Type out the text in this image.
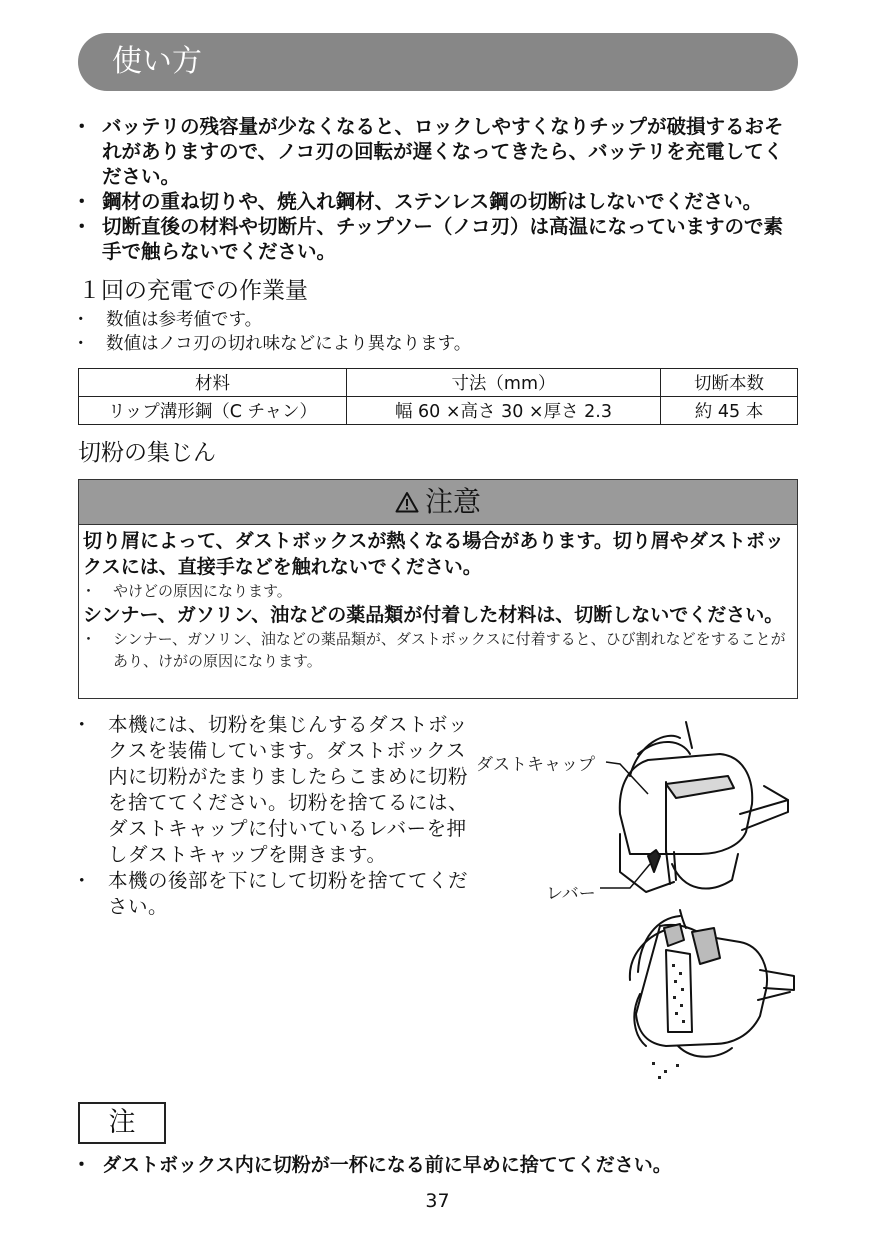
使い方
・ バッテリの残容量が少なくなると、ロックしやすくなりチップが破損するおそれがありますので、ノコ刃の回転が遅くなってきたら、バッテリを充電してください。
・ 鋼材の重ね切りや、焼入れ鋼材、ステンレス鋼の切断はしないでください。
・ 切断直後の材料や切断片、チップソー（ノコ刃）は高温になっていますので素手で触らないでください。
１回の充電での作業量
・ 数値は参考値です。
・ 数値はノコ刃の切れ味などにより異なります。
材料	寸法（mm）	切断本数
リップ溝形鋼（C チャン）	幅 60 ×高さ 30 ×厚さ 2.3	約 45 本
切粉の集じん
注意
切り屑によって、ダストボックスが熱くなる場合があります。切り屑やダストボックスには、直接手などを触れないでください。
・ やけどの原因になります。
シンナー、ガソリン、油などの薬品類が付着した材料は、切断しないでください。
・ シンナー、ガソリン、油などの薬品類が、ダストボックスに付着すると、ひび割れなどをすることがあり、けがの原因になります。
・ 本機には、切粉を集じんするダストボックスを装備しています。ダストボックス内に切粉がたまりましたらこまめに切粉を捨ててください。切粉を捨てるには、ダストキャップに付いているレバーを押しダストキャップを開きます。
・ 本機の後部を下にして切粉を捨ててください。
ダストキャップ
レバー
注
・ ダストボックス内に切粉が一杯になる前に早めに捨ててください。
37
